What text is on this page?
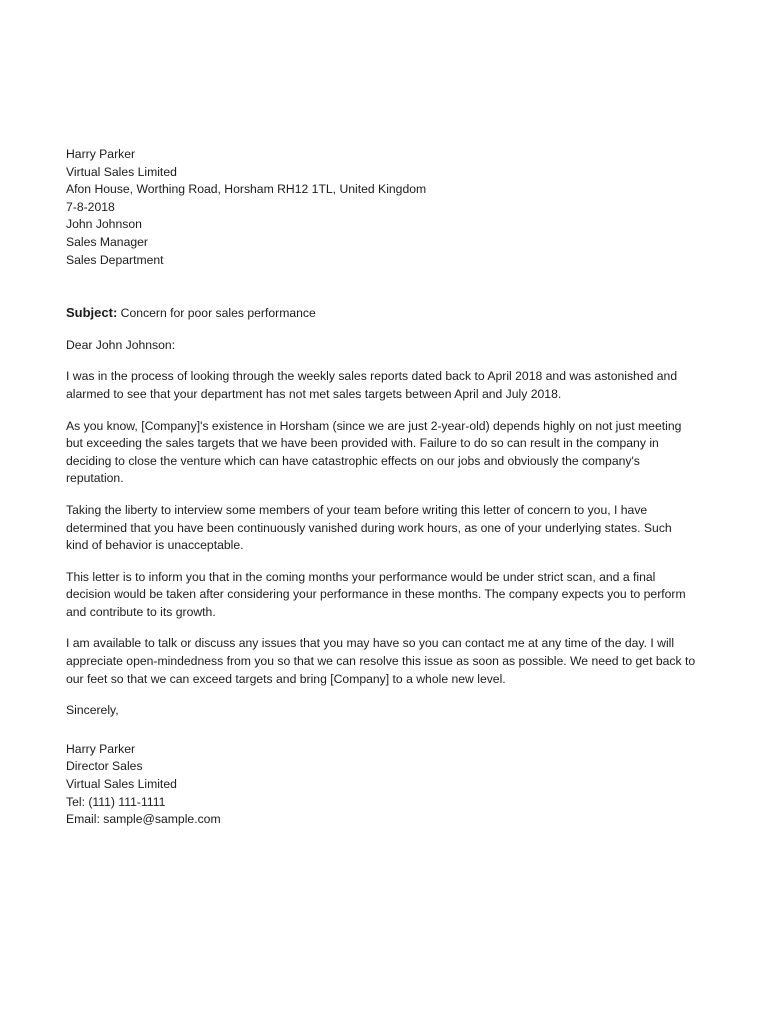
Harry Parker
Virtual Sales Limited
Afon House, Worthing Road, Horsham RH12 1TL, United Kingdom
7-8-2018
John Johnson
Sales Manager
Sales Department
Subject: Concern for poor sales performance
Dear John Johnson:
I was in the process of looking through the weekly sales reports dated back to April 2018 and was astonished and alarmed to see that your department has not met sales targets between April and July 2018.
As you know, [Company]'s existence in Horsham (since we are just 2-year-old) depends highly on not just meeting but exceeding the sales targets that we have been provided with. Failure to do so can result in the company in deciding to close the venture which can have catastrophic effects on our jobs and obviously the company's reputation.
Taking the liberty to interview some members of your team before writing this letter of concern to you, I have determined that you have been continuously vanished during work hours, as one of your underlying states. Such kind of behavior is unacceptable.
This letter is to inform you that in the coming months your performance would be under strict scan, and a final decision would be taken after considering your performance in these months. The company expects you to perform and contribute to its growth.
I am available to talk or discuss any issues that you may have so you can contact me at any time of the day. I will appreciate open-mindedness from you so that we can resolve this issue as soon as possible. We need to get back to our feet so that we can exceed targets and bring [Company] to a whole new level.
Sincerely,
Harry Parker
Director Sales
Virtual Sales Limited
Tel: (111) 111-1111
Email: sample@sample.com
